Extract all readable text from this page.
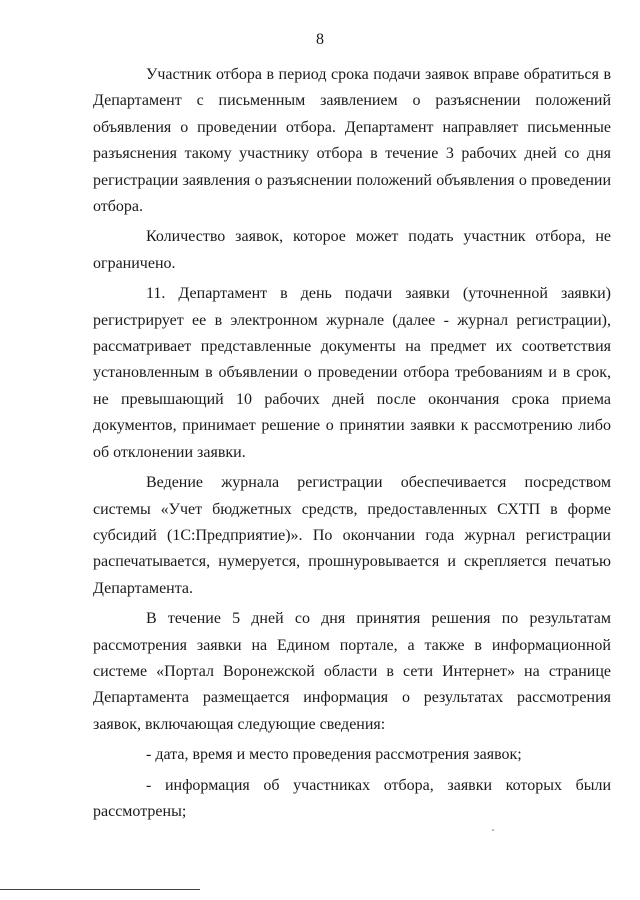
8

Участник отбора в период срока подачи заявок вправе обратиться в Департамент с письменным заявлением о разъяснении положений объявления о проведении отбора. Департамент направляет письменные разъяснения такому участнику отбора в течение 3 рабочих дней со дня регистрации заявления о разъяснении положений объявления о проведении отбора.

Количество заявок, которое может подать участник отбора, не ограничено.

11. Департамент в день подачи заявки (уточненной заявки) регистрирует ее в электронном журнале (далее - журнал регистрации), рассматривает представленные документы на предмет их соответствия установленным в объявлении о проведении отбора требованиям и в срок, не превышающий 10 рабочих дней после окончания срока приема документов, принимает решение о принятии заявки к рассмотрению либо об отклонении заявки.

Ведение журнала регистрации обеспечивается посредством системы «Учет бюджетных средств, предоставленных СХТП в форме субсидий (1С:Предприятие)». По окончании года журнал регистрации распечатывается, нумеруется, прошнуровывается и скрепляется печатью Департамента.

В течение 5 дней со дня принятия решения по результатам рассмотрения заявки на Едином портале, а также в информационной системе «Портал Воронежской области в сети Интернет» на странице Департамента размещается информация о результатах рассмотрения заявок, включающая следующие сведения:

- дата, время и место проведения рассмотрения заявок;

- информация об участниках отбора, заявки которых были рассмотрены;
